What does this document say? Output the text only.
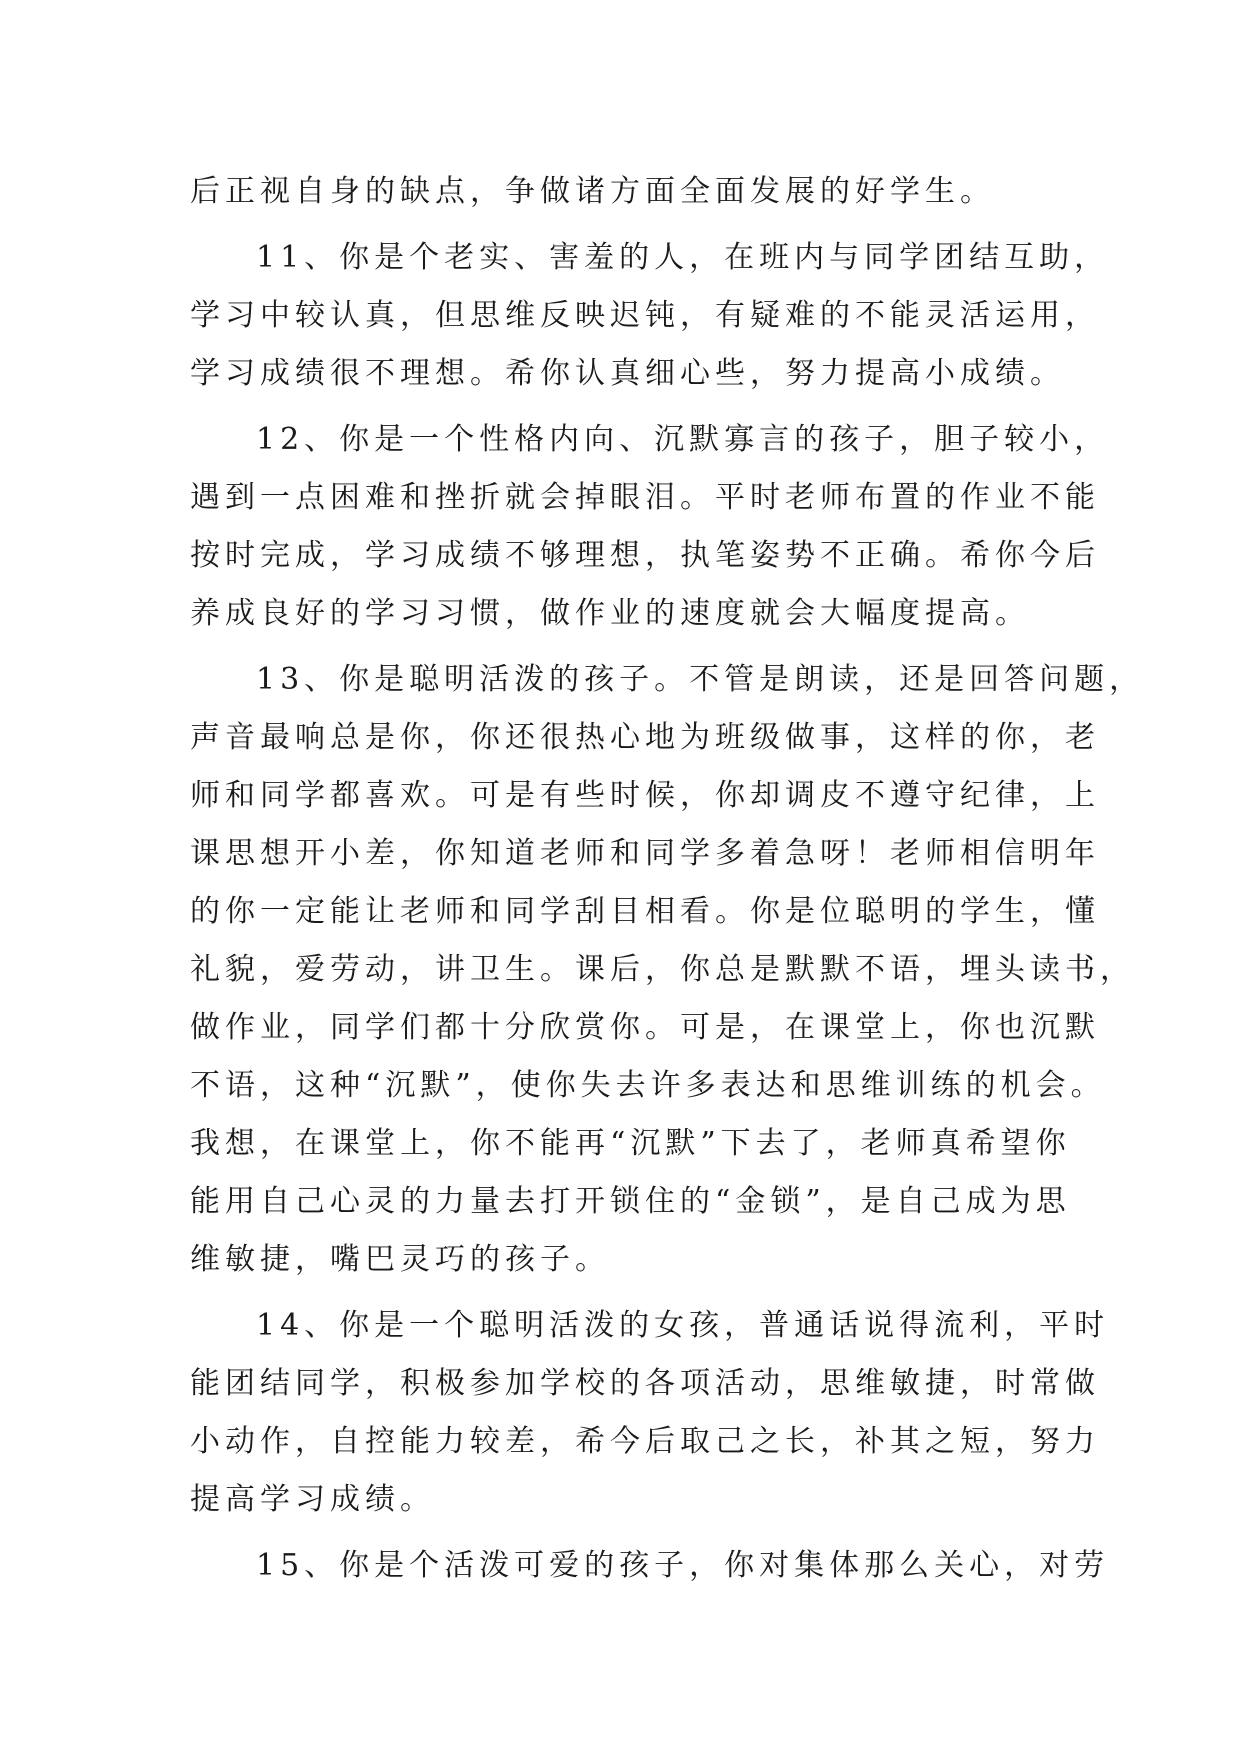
后正视自身的缺点，争做诸方面全面发展的好学生。
11、你是个老实、害羞的人，在班内与同学团结互助，
学习中较认真，但思维反映迟钝，有疑难的不能灵活运用，
学习成绩很不理想。希你认真细心些，努力提高小成绩。
12、你是一个性格内向、沉默寡言的孩子，胆子较小，
遇到一点困难和挫折就会掉眼泪。平时老师布置的作业不能
按时完成，学习成绩不够理想，执笔姿势不正确。希你今后
养成良好的学习习惯，做作业的速度就会大幅度提高。
13、你是聪明活泼的孩子。不管是朗读，还是回答问题，
声音最响总是你，你还很热心地为班级做事，这样的你，老
师和同学都喜欢。可是有些时候，你却调皮不遵守纪律，上
课思想开小差，你知道老师和同学多着急呀！老师相信明年
的你一定能让老师和同学刮目相看。你是位聪明的学生，懂
礼貌，爱劳动，讲卫生。课后，你总是默默不语，埋头读书，
做作业，同学们都十分欣赏你。可是，在课堂上，你也沉默
不语，这种“沉默”，使你失去许多表达和思维训练的机会。
我想，在课堂上，你不能再“沉默”下去了，老师真希望你
能用自己心灵的力量去打开锁住的“金锁”，是自己成为思
维敏捷，嘴巴灵巧的孩子。
14、你是一个聪明活泼的女孩，普通话说得流利，平时
能团结同学，积极参加学校的各项活动，思维敏捷，时常做
小动作，自控能力较差，希今后取己之长，补其之短，努力
提高学习成绩。
15、你是个活泼可爱的孩子，你对集体那么关心，对劳
